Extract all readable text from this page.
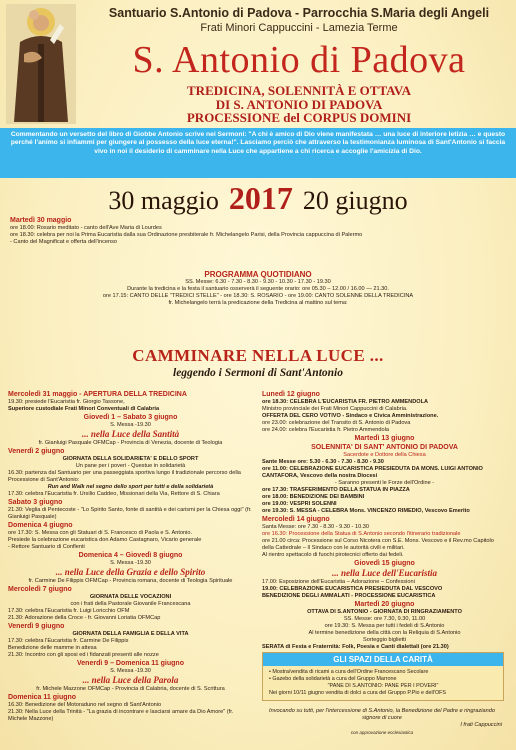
Santuario S.Antonio di Padova - Parrocchia S.Maria degli Angeli
Frati Minori Cappuccini - Lamezia Terme
S. Antonio di Padova
TREDICINA, SOLENNITÀ E OTTAVA
DI S. ANTONIO DI PADOVA
PROCESSIONE del CORPUS DOMINI

Commentando un versetto del libro di Giobbe Antonio scrive nei Sermoni: "A chi è amico di Dio viene manifestata … una luce di interiore letizia … e questo perché l'animo si infiammi per giungere al possesso della luce eterna!". Lasciamo perciò che attraverso la testimonianza luminosa di Sant'Antonio si faccia vivo in noi il desiderio di camminare nella Luce che appartiene a chi ricerca e accoglie l'amicizia di Dio.

30 maggio 2017 20 giugno
Martedì 30 maggio
ore 18.00: Rosario meditato - canto dell'Ave Maria di Lourdes
ore 18.30: celebra per noi la Prima Eucaristia dalla sua Ordinazione presbiterale fr. Michelangelo Parisi, della Provincia cappuccina di Palermo
- Canto del Magnificat e offerta dell'incenso
PROGRAMMA QUOTIDIANO
SS. Messe: 6.30 - 7.30 - 8.30 - 9.30 - 10.30 - 17.30 - 19.30
Durante la tredicina e la festa il santuario osserverà il seguente orario: ore 05.30 – 12.00 / 16.00 — 21.30.
ore 17.15: CANTO DELLE "TREDICI STELLE" - ore 18.30: S. ROSARIO - ore 19.00: CANTO SOLENNE DELLA TREDICINA
fr. Michelangelo terrà la predicazione della Tredicina al mattino sul tema:
CAMMINARE NELLA LUCE ...
leggendo i Sermoni di Sant'Antonio
Mercoledì 31 maggio - APERTURA DELLA TREDICINA
19.30: presiede l'Eucaristia fr. Giorgio Tassone,
Superiore custodiale Frati Minori Conventuali di Calabria
Giovedì 1 – Sabato 3 giugno
S. Messa -19.30
... nella Luce della Santità
fr. Gianluigi Pasquale OFMCap - Provincia di Venezia, docente di Teologia
Venerdì 2 giugno
GIORNATA DELLA SOLIDARIETA' E DELLO SPORT
Un pane per i poveri - Questue in solidarietà
16.30: partenza dal Santuario per una passeggiata sportiva lungo il tradizionale percorso della Processione di Sant'Antonio:
Run and Walk nel segno dello sport per tutti e della solidarietà
17.30: celebra l'Eucaristia fr. Ursilio Caddeo, Missionari della Via, Rettore di S. Chiara
Sabato 3 giugno
21.30: Veglia di Pentecoste - "Lo Spirito Santo, fonte di santità e dei carismi per la Chiesa oggi" (fr. Gianluigi Pasquale)
Domenica 4 giugno
ore 17.30: S. Messa con gli Statuari di S. Francesco di Paola e S. Antonio.
Presiede la celebrazione eucaristica don Adamo Castagnaro, Vicario generale
- Rettore Santuario di Conflenti
Domenica 4 – Giovedì 8 giugno
S. Messa -19.30
... nella Luce della Grazia e dello Spirito
fr. Carmine De Filippis OFMCap - Provincia romana, docente di Teologia Spirituale
Mercoledì 7 giugno
GIORNATA DELLE VOCAZIONI
con i frati della Pastorale Giovanile Francescana
17.30: celebra l'Eucaristia fr. Luigi Loricchio OFM
21.30: Adorazione della Croce - fr. Giovanni Loriatia OFMCap
Venerdì 9 giugno
GIORNATA DELLA FAMIGLIA E DELLA VITA
17.30: celebra l'Eucaristia fr. Carmine De Filippis
Benedizione delle mamme in attesa
21.30: Incontro con gli sposi ed i fidanzati presenti alle nozze
Venerdì 9 – Domenica 11 giugno
S. Messa -19.30
... nella Luce della Parola
fr. Michele Mazzone OFMCap - Provincia di Calabria, docente di S. Scrittura
Domenica 11 giugno
16.30: Benedizione del Motoraduno nel segno di Sant'Antonio
21.30: Nella Luce della Trinità - "La grazia di incontrare e lasciarsi amare da Dio Amore" (fr. Michele Mazzone)
Lunedì 12 giugno
ore 18.30: CELEBRA L'EUCARISTIA FR. PIETRO AMMENDOLA
Ministro provinciale dei Frati Minori Cappuccini di Calabria.
OFFERTA DEL CERO VOTIVO - Sindaco e Civica Amministrazione.
ore 23.00: celebrazione del Transito di S. Antonio di Padova
ore 24.00: celebra l'Eucaristia fr. Pietro Ammendola
Martedì 13 giugno
SOLENNITA' DI SANT' ANTONIO DI PADOVA
Sacerdote e Dottore della Chiesa
Sante Messe ore: 5.30 - 6.30 - 7.30 - 8.30 - 9.30
ore 11.00: CELEBRAZIONE EUCARISTICA PRESIEDUTA DA MONS. LUIGI ANTONIO CANTAFORA, Vescovo della nostra Diocesi
- Saranno presenti le Forze dell'Ordine -
ore 17.30: TRASFERIMENTO DELLA STATUA IN PIAZZA
ore 18.00: BENEDIZIONE DEI BAMBINI
ore 19.00: VESPRI SOLENNI
ore 19.30: S. MESSA - CELEBRA Mons. VINCENZO RIMEDIO, Vescovo Emerito
Mercoledì 14 giugno
Santa Messe: ore 7.30 - 8.30 - 9.30 - 10.30
ore 16.30: Processione della Statua di S.Antonio secondo l'itinerario tradizionale
ore 21.00 circa: Processione sul Corso Nicotera con S.E. Mons. Vescovo e il Rev.mo Capitolo della Cattedrale – Il Sindaco con le autorità civili e militari.
Al rientro spettacolo di fuochi pirotecnici offerto dai fedeli.
Giovedì 15 giugno
... nella Luce dell'Eucaristia
17.00: Esposizione dell'Eucaristia – Adorazione – Confessioni
19.00: CELEBRAZIONE EUCARISTICA PRESIEDUTA DAL VESCOVO
BENEDIZIONE DEGLI AMMALATI - PROCESSIONE EUCARISTICA
Martedì 20 giugno
OTTAVA DI S.ANTONIO - GIORNATA DI RINGRAZIAMENTO
SS. Messe: ore 7.30, 9.30, 11.00
ore 19.30: S. Messa per tutti i fedeli di S.Antonio
Al termine benedizione della città con la Reliquia di S.Antonio
Sorteggio biglietti
SERATA di Festa e Fraternità: Folk, Poesia e Canti dialettali (ore 21.30)
GLI SPAZI DELLA CARITÀ
• Mostra/vendita di ricami a cura dell'Ordine Francescano Secolare
• Gazebo della solidarietà a cura del Gruppo Marrone
"PANE DI S.ANTONIO: PANE PER I POVERI"
Nei giorni 10/11 giugno vendita di dolci a cura del Gruppo P.Pio e dell'OFS
Invocando su tutti, per l'intercessione di S.Antonio, la Benedizione del Padre e ringraziando signore di cuore
I frati Cappuccini
con approvazione ecclesiastica
